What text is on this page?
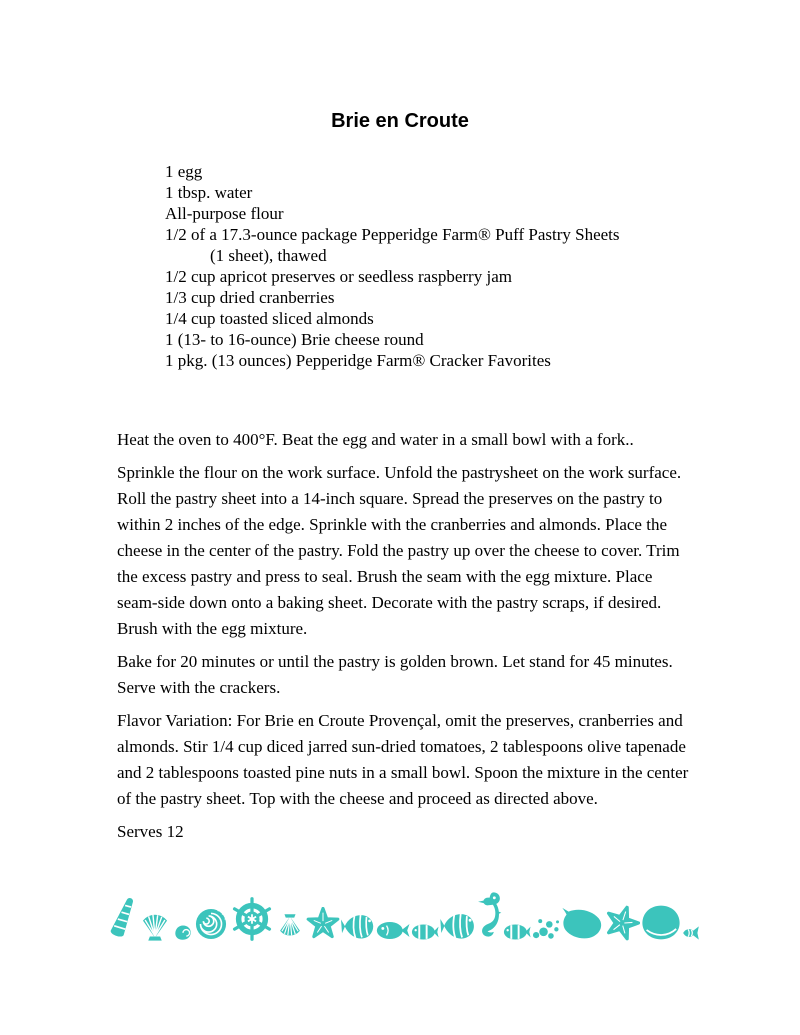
Brie en Croute
1 egg
1 tbsp. water
All-purpose flour
1/2 of a 17.3-ounce package Pepperidge Farm® Puff Pastry Sheets
(1 sheet), thawed
1/2 cup apricot preserves or seedless raspberry jam
1/3 cup dried cranberries
1/4 cup toasted sliced almonds
1 (13- to 16-ounce) Brie cheese round
1 pkg. (13 ounces) Pepperidge Farm® Cracker Favorites

Heat the oven to 400°F. Beat the egg and water in a small bowl with a fork..

Sprinkle the flour on the work surface. Unfold the pastrysheet on the work surface. Roll the pastry sheet into a 14-inch square. Spread the preserves on the pastry to within 2 inches of the edge. Sprinkle with the cranberries and almonds. Place the cheese in the center of the pastry. Fold the pastry up over the cheese to cover. Trim the excess pastry and press to seal. Brush the seam with the egg mixture. Place seam-side down onto a baking sheet. Decorate with the pastry scraps, if desired. Brush with the egg mixture.

Bake for 20 minutes or until the pastry is golden brown. Let stand for 45 minutes. Serve with the crackers.

Flavor Variation: For Brie en Croute Provençal, omit the preserves, cranberries and almonds. Stir 1/4 cup diced jarred sun-dried tomatoes, 2 tablespoons olive tapenade and 2 tablespoons toasted pine nuts in a small bowl. Spoon the mixture in the center of the pastry sheet. Top with the cheese and proceed as directed above.

Serves 12
